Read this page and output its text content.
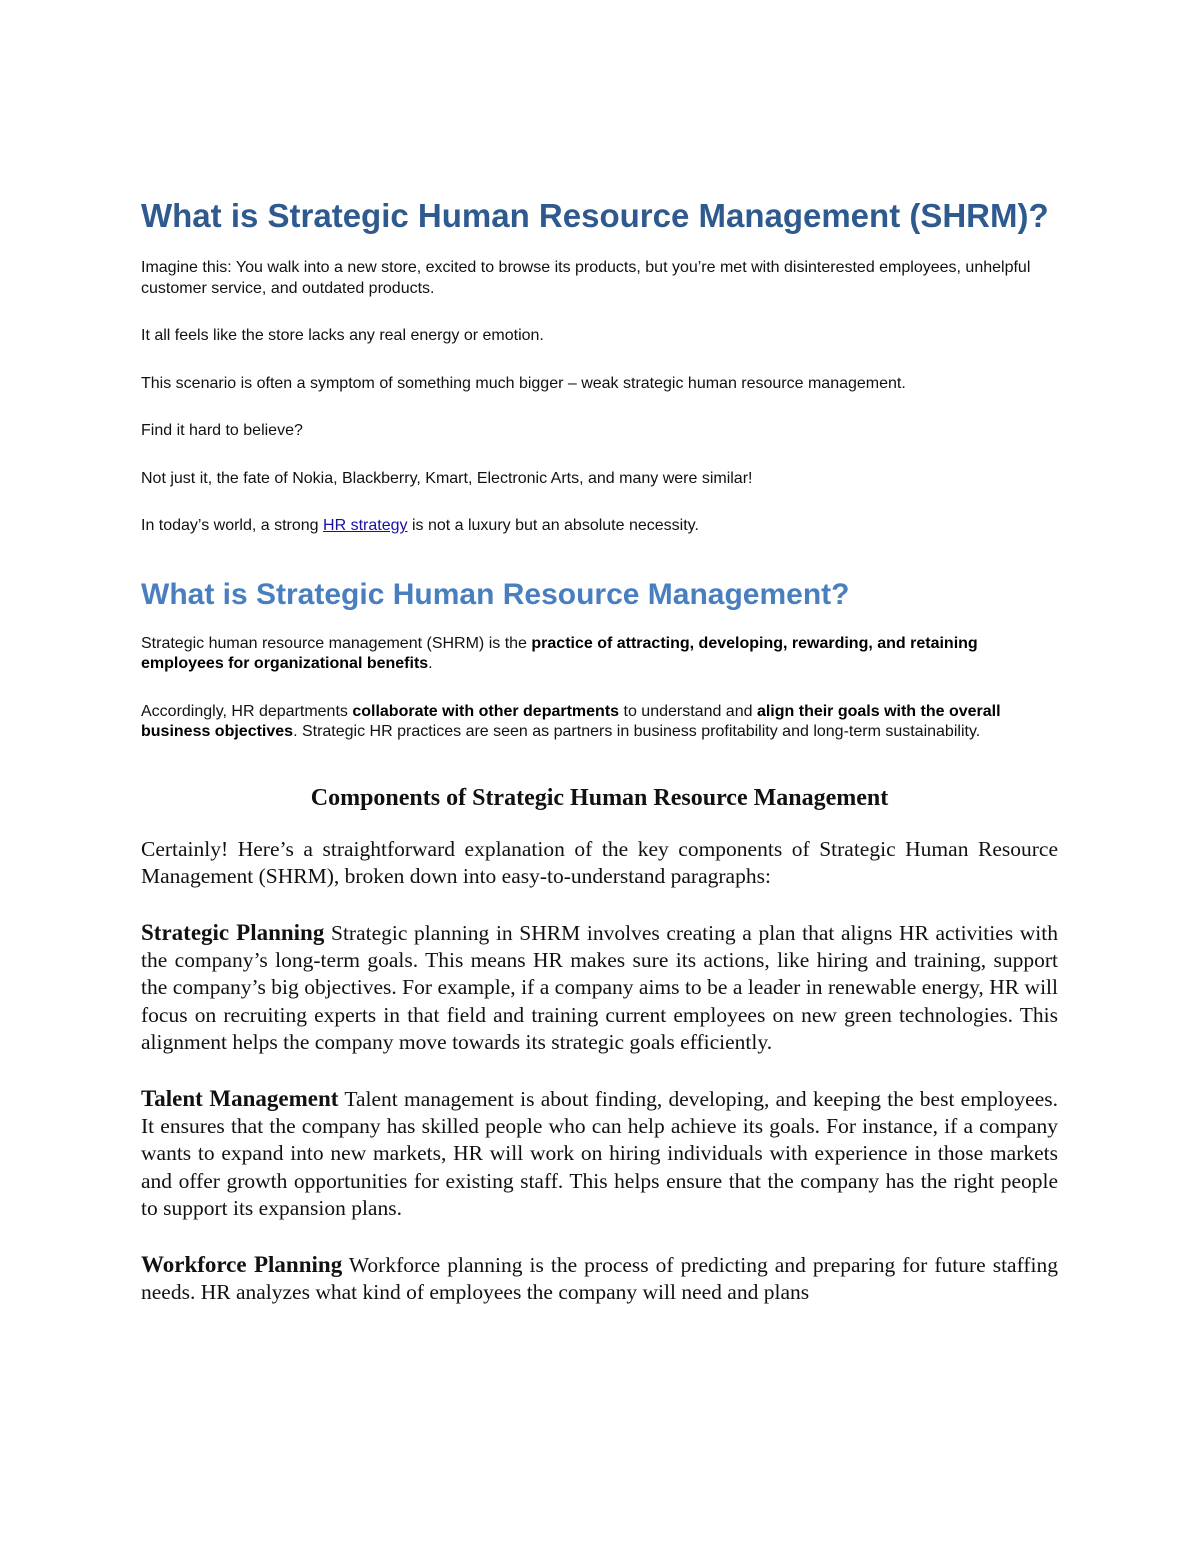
What is Strategic Human Resource Management (SHRM)?

Imagine this: You walk into a new store, excited to browse its products, but you’re met with disinterested employees, unhelpful customer service, and outdated products.

It all feels like the store lacks any real energy or emotion.

This scenario is often a symptom of something much bigger – weak strategic human resource management.

Find it hard to believe?

Not just it, the fate of Nokia, Blackberry, Kmart, Electronic Arts, and many were similar!

In today’s world, a strong HR strategy is not a luxury but an absolute necessity.

What is Strategic Human Resource Management?

Strategic human resource management (SHRM) is the practice of attracting, developing, rewarding, and retaining employees for organizational benefits.

Accordingly, HR departments collaborate with other departments to understand and align their goals with the overall business objectives. Strategic HR practices are seen as partners in business profitability and long-term sustainability.

Components of Strategic Human Resource Management

Certainly! Here’s a straightforward explanation of the key components of Strategic Human Resource Management (SHRM), broken down into easy-to-understand paragraphs:

Strategic Planning Strategic planning in SHRM involves creating a plan that aligns HR activities with the company’s long-term goals. This means HR makes sure its actions, like hiring and training, support the company’s big objectives. For example, if a company aims to be a leader in renewable energy, HR will focus on recruiting experts in that field and training current employees on new green technologies. This alignment helps the company move towards its strategic goals efficiently.

Talent Management Talent management is about finding, developing, and keeping the best employees. It ensures that the company has skilled people who can help achieve its goals. For instance, if a company wants to expand into new markets, HR will work on hiring individuals with experience in those markets and offer growth opportunities for existing staff. This helps ensure that the company has the right people to support its expansion plans.

Workforce Planning Workforce planning is the process of predicting and preparing for future staffing needs. HR analyzes what kind of employees the company will need and plans
